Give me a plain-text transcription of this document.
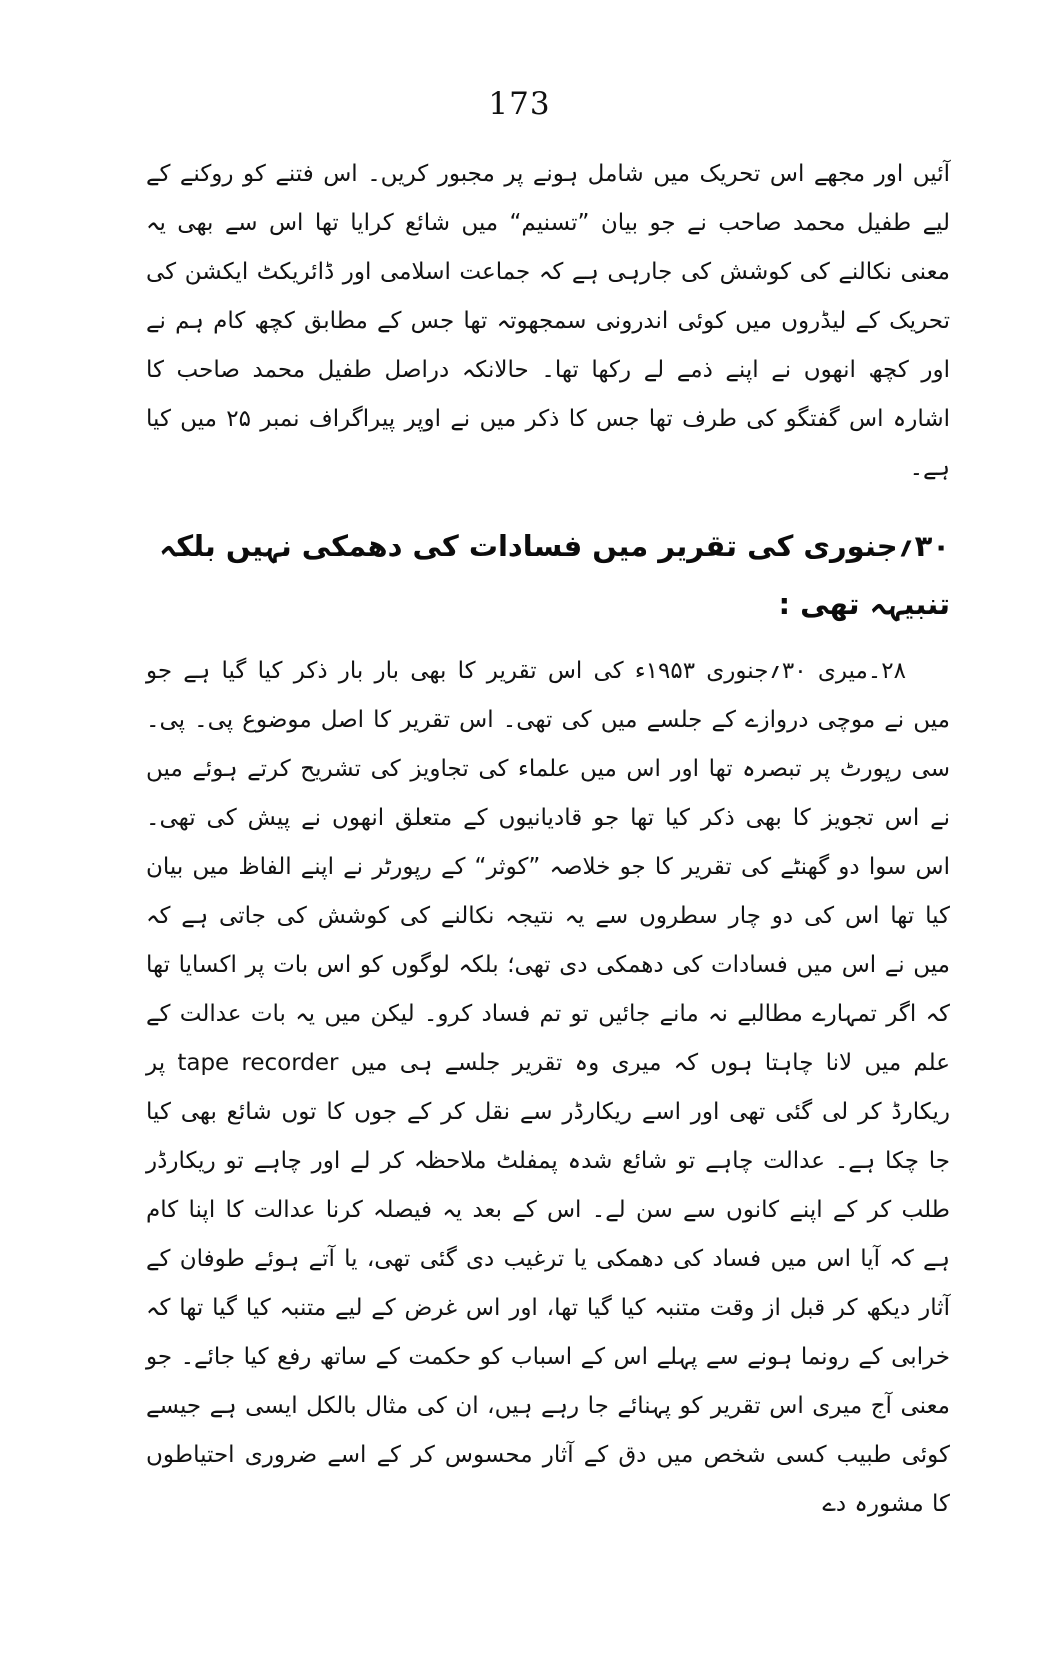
173

آئیں اور مجھے اس تحریک میں شامل ہونے پر مجبور کریں۔ اس فتنے کو روکنے کے لیے طفیل محمد صاحب نے جو بیان ”تسنیم“ میں شائع کرایا تھا اس سے بھی یہ معنی نکالنے کی کوشش کی جارہی ہے کہ جماعت اسلامی اور ڈائریکٹ ایکشن کی تحریک کے لیڈروں میں کوئی اندرونی سمجھوتہ تھا جس کے مطابق کچھ کام ہم نے اور کچھ انھوں نے اپنے ذمے لے رکھا تھا۔ حالانکہ دراصل طفیل محمد صاحب کا اشارہ اس گفتگو کی طرف تھا جس کا ذکر میں نے اوپر پیراگراف نمبر ۲۵ میں کیا ہے۔

۳۰؍جنوری کی تقریر میں فسادات کی دھمکی نہیں بلکہ تنبیہہ تھی :

۲۸۔میری ۳۰؍جنوری ۱۹۵۳ء کی اس تقریر کا بھی بار بار ذکر کیا گیا ہے جو میں نے موچی دروازے کے جلسے میں کی تھی۔ اس تقریر کا اصل موضوع پی۔ پی۔ سی رپورٹ پر تبصرہ تھا اور اس میں علماء کی تجاویز کی تشریح کرتے ہوئے میں نے اس تجویز کا بھی ذکر کیا تھا جو قادیانیوں کے متعلق انھوں نے پیش کی تھی۔ اس سوا دو گھنٹے کی تقریر کا جو خلاصہ ”کوثر“ کے رپورٹر نے اپنے الفاظ میں بیان کیا تھا اس کی دو چار سطروں سے یہ نتیجہ نکالنے کی کوشش کی جاتی ہے کہ میں نے اس میں فسادات کی دھمکی دی تھی؛ بلکہ لوگوں کو اس بات پر اکسایا تھا کہ اگر تمہارے مطالبے نہ مانے جائیں تو تم فساد کرو۔ لیکن میں یہ بات عدالت کے علم میں لانا چاہتا ہوں کہ میری وہ تقریر جلسے ہی میں tape recorder پر ریکارڈ کر لی گئی تھی اور اسے ریکارڈر سے نقل کر کے جوں کا توں شائع بھی کیا جا چکا ہے۔ عدالت چاہے تو شائع شدہ پمفلٹ ملاحظہ کر لے اور چاہے تو ریکارڈر طلب کر کے اپنے کانوں سے سن لے۔ اس کے بعد یہ فیصلہ کرنا عدالت کا اپنا کام ہے کہ آیا اس میں فساد کی دھمکی یا ترغیب دی گئی تھی، یا آتے ہوئے طوفان کے آثار دیکھ کر قبل از وقت متنبہ کیا گیا تھا، اور اس غرض کے لیے متنبہ کیا گیا تھا کہ خرابی کے رونما ہونے سے پہلے اس کے اسباب کو حکمت کے ساتھ رفع کیا جائے۔ جو معنی آج میری اس تقریر کو پہنائے جا رہے ہیں، ان کی مثال بالکل ایسی ہے جیسے کوئی طبیب کسی شخص میں دق کے آثار محسوس کر کے اسے ضروری احتیاطوں کا مشورہ دے
